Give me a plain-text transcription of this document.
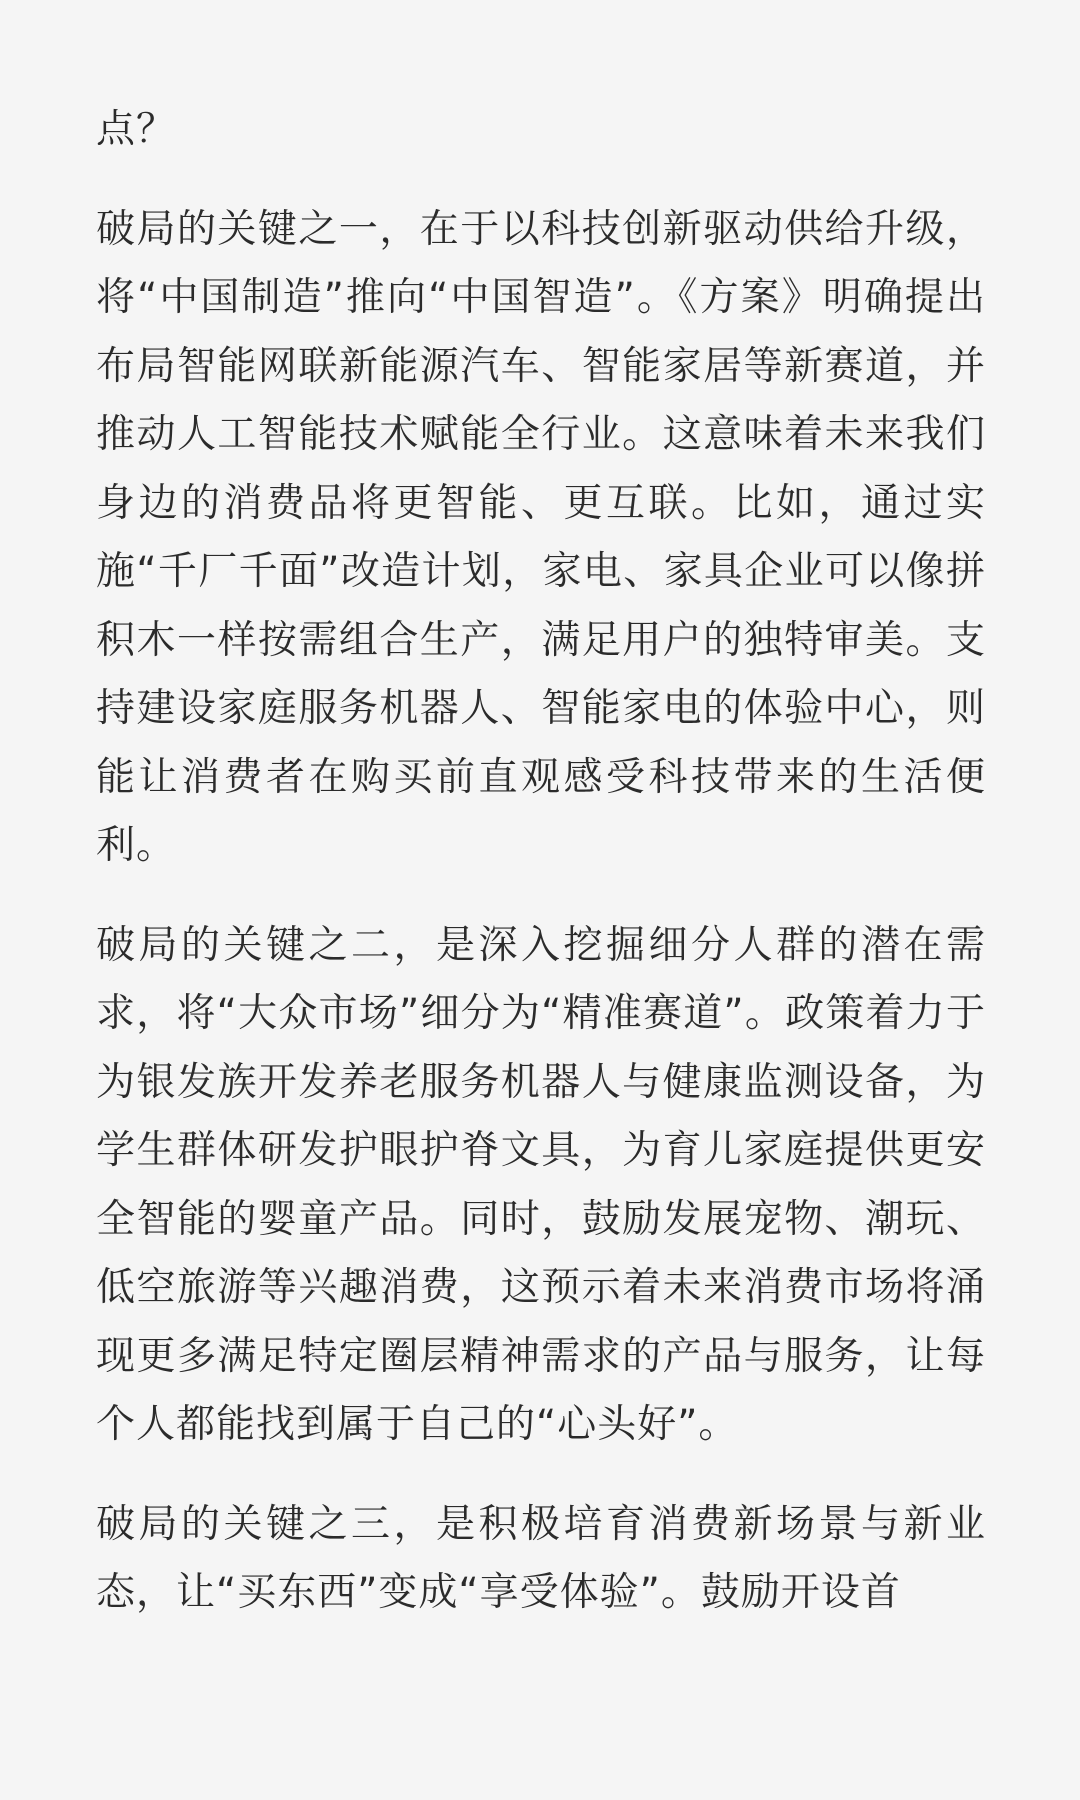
点？

破局的关键之一，在于以科技创新驱动供给升级，将“中国制造”推向“中国智造”。《方案》明确提出布局智能网联新能源汽车、智能家居等新赛道，并推动人工智能技术赋能全行业。这意味着未来我们身边的消费品将更智能、更互联。比如，通过实施“千厂千面”改造计划，家电、家具企业可以像拼积木一样按需组合生产，满足用户的独特审美。支持建设家庭服务机器人、智能家电的体验中心，则能让消费者在购买前直观感受科技带来的生活便利。

破局的关键之二，是深入挖掘细分人群的潜在需求，将“大众市场”细分为“精准赛道”。政策着力于为银发族开发养老服务机器人与健康监测设备，为学生群体研发护眼护脊文具，为育儿家庭提供更安全智能的婴童产品。同时，鼓励发展宠物、潮玩、低空旅游等兴趣消费，这预示着未来消费市场将涌现更多满足特定圈层精神需求的产品与服务，让每个人都能找到属于自己的“心头好”。

破局的关键之三，是积极培育消费新场景与新业态，让“买东西”变成“享受体验”。鼓励开设首
